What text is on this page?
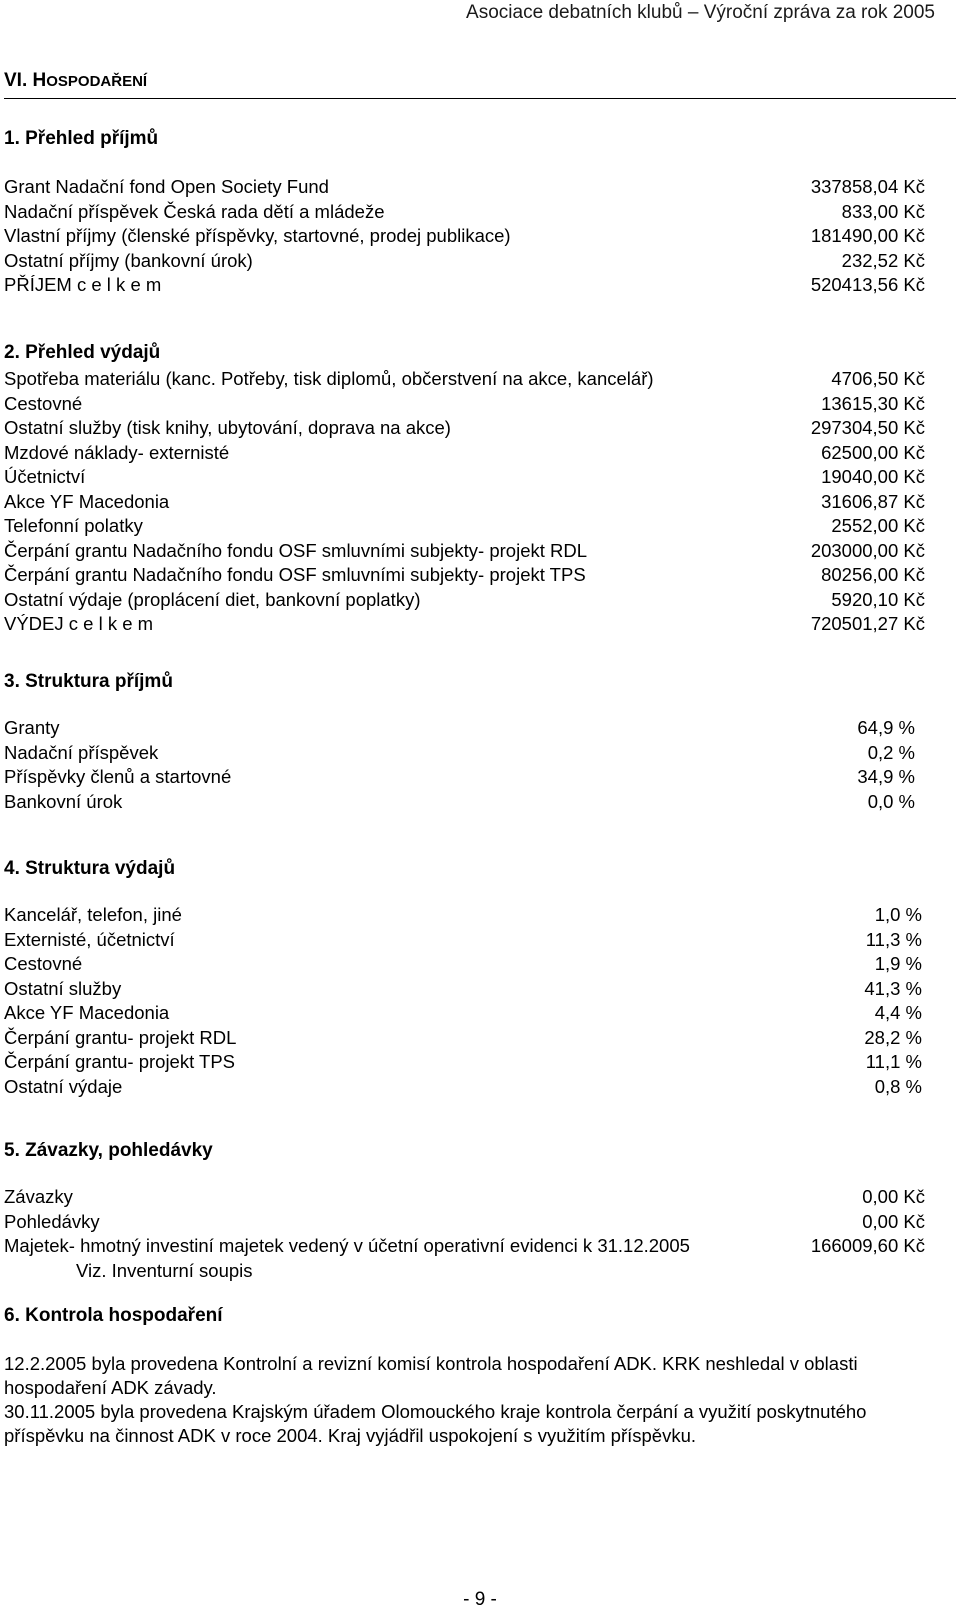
Asociace debatních klubů – Výroční zpráva za rok 2005
VI. HOSPODAŘENÍ
1. Přehled příjmů
Grant Nadační fond Open Society Fund	337858,04 Kč
Nadační příspěvek Česká rada dětí a mládeže	833,00 Kč
Vlastní příjmy (členské příspěvky, startovné, prodej publikace)	181490,00 Kč
Ostatní příjmy (bankovní úrok)	232,52 Kč
PŘÍJEM c e l k e m	520413,56 Kč
2. Přehled výdajů
Spotřeba materiálu (kanc. Potřeby, tisk diplomů, občerstvení na akce, kancelář)	4706,50 Kč
Cestovné	13615,30 Kč
Ostatní služby (tisk knihy, ubytování, doprava na akce)	297304,50 Kč
Mzdové náklady- externisté	62500,00 Kč
Účetnictví	19040,00 Kč
Akce YF Macedonia	31606,87 Kč
Telefonní polatky	2552,00 Kč
Čerpání grantu Nadačního fondu OSF smluvními subjekty- projekt RDL	203000,00 Kč
Čerpání grantu Nadačního fondu OSF smluvními subjekty- projekt TPS	80256,00 Kč
Ostatní výdaje (proplácení diet, bankovní poplatky)	5920,10 Kč
VÝDEJ c e l k e m	720501,27 Kč
3. Struktura příjmů
Granty	64,9 %
Nadační příspěvek	0,2 %
Příspěvky členů a startovné	34,9 %
Bankovní úrok	0,0 %
4. Struktura výdajů
Kancelář, telefon, jiné	1,0 %
Externisté, účetnictví	11,3 %
Cestovné	1,9 %
Ostatní služby	41,3 %
Akce YF Macedonia	4,4 %
Čerpání grantu- projekt RDL	28,2 %
Čerpání grantu- projekt TPS	11,1 %
Ostatní výdaje	0,8 %
5. Závazky, pohledávky
Závazky	0,00 Kč
Pohledávky	0,00 Kč
Majetek- hmotný investiní majetek vedený v účetní operativní evidenci k 31.12.2005	166009,60 Kč
Viz. Inventurní soupis
6. Kontrola hospodaření
12.2.2005 byla provedena Kontrolní a revizní komisí kontrola hospodaření ADK. KRK neshledal v oblasti hospodaření ADK závady.
30.11.2005 byla provedena Krajským úřadem Olomouckého kraje kontrola čerpání a využití poskytnutého příspěvku na činnost ADK v roce 2004. Kraj vyjádřil uspokojení s využitím příspěvku.
- 9 -
